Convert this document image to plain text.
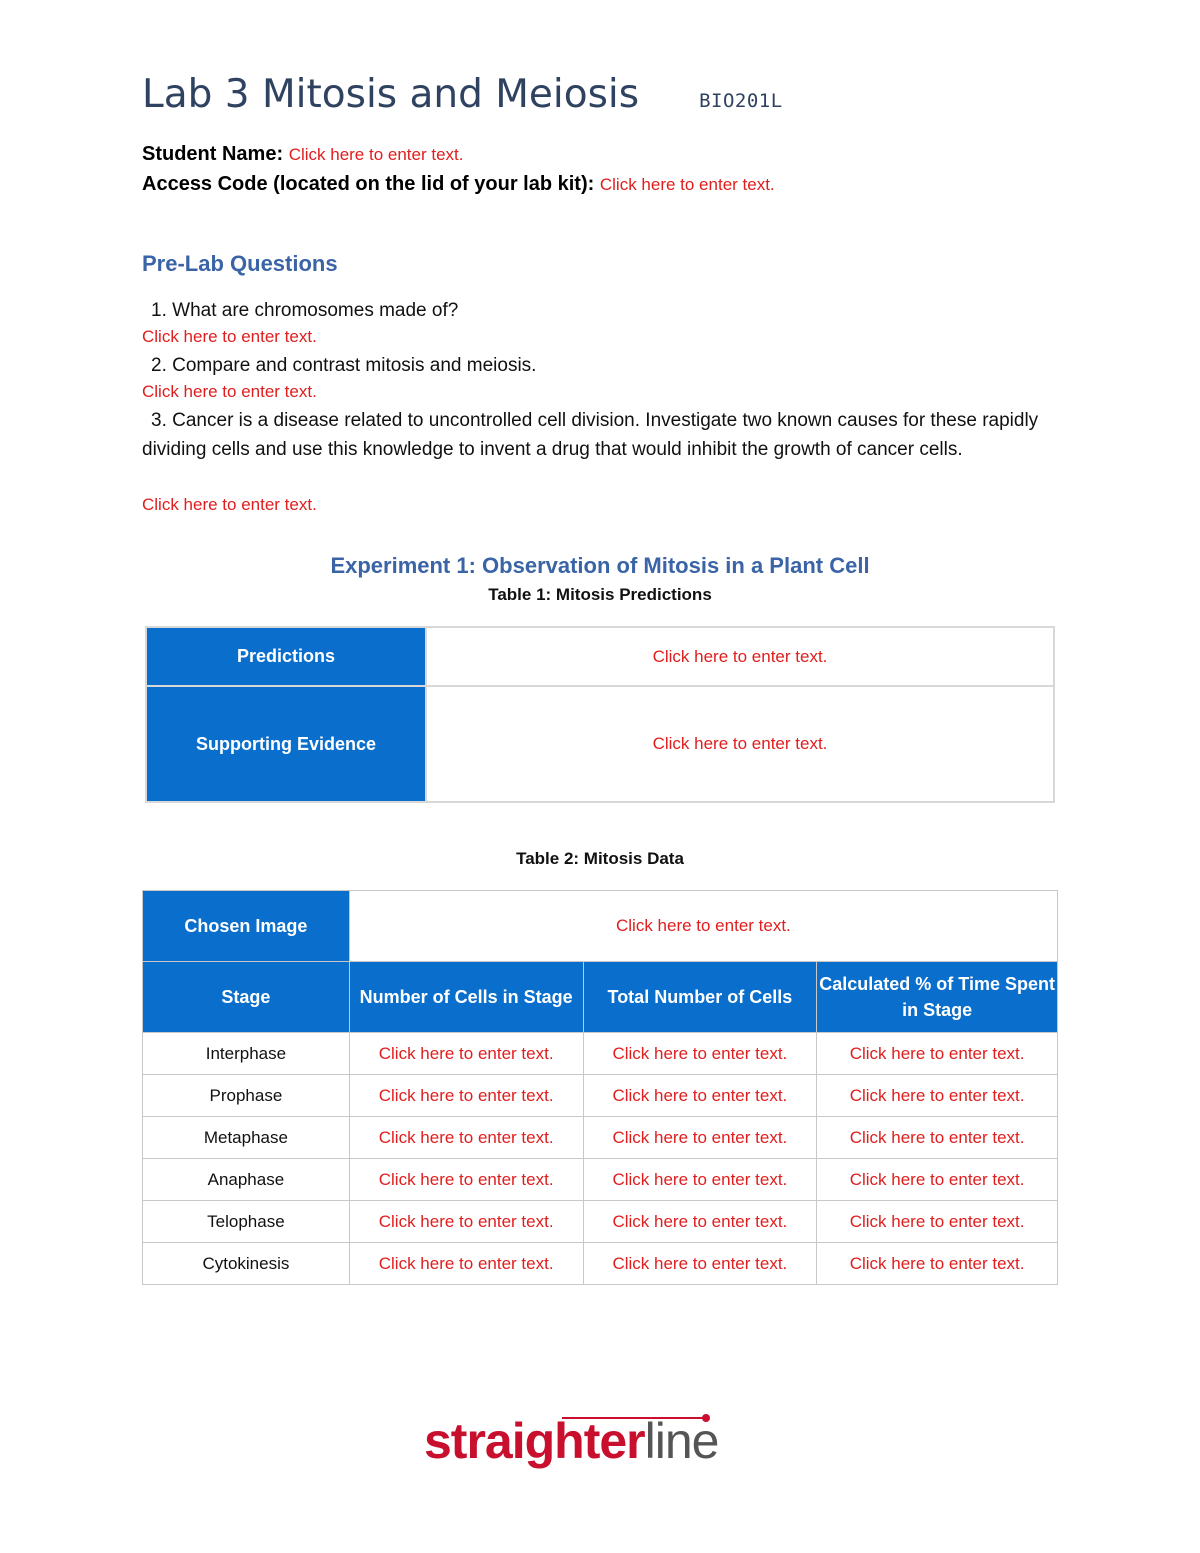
Lab 3 Mitosis and Meiosis	BIO201L
Student Name: Click here to enter text.
Access Code (located on the lid of your lab kit): Click here to enter text.
Pre-Lab Questions
1. What are chromosomes made of?
Click here to enter text.
2. Compare and contrast mitosis and meiosis.
Click here to enter text.
3. Cancer is a disease related to uncontrolled cell division. Investigate two known causes for these rapidly dividing cells and use this knowledge to invent a drug that would inhibit the growth of cancer cells.
Click here to enter text.
Experiment 1: Observation of Mitosis in a Plant Cell
Table 1: Mitosis Predictions
Predictions	Click here to enter text.
Supporting Evidence	Click here to enter text.
Table 2: Mitosis Data
Chosen Image	Click here to enter text.		
Stage	Number of Cells in Stage	Total Number of Cells	Calculated % of Time Spent in Stage
Interphase	Click here to enter text.	Click here to enter text.	Click here to enter text.
Prophase	Click here to enter text.	Click here to enter text.	Click here to enter text.
Metaphase	Click here to enter text.	Click here to enter text.	Click here to enter text.
Anaphase	Click here to enter text.	Click here to enter text.	Click here to enter text.
Telophase	Click here to enter text.	Click here to enter text.	Click here to enter text.
Cytokinesis	Click here to enter text.	Click here to enter text.	Click here to enter text.
straighterline
